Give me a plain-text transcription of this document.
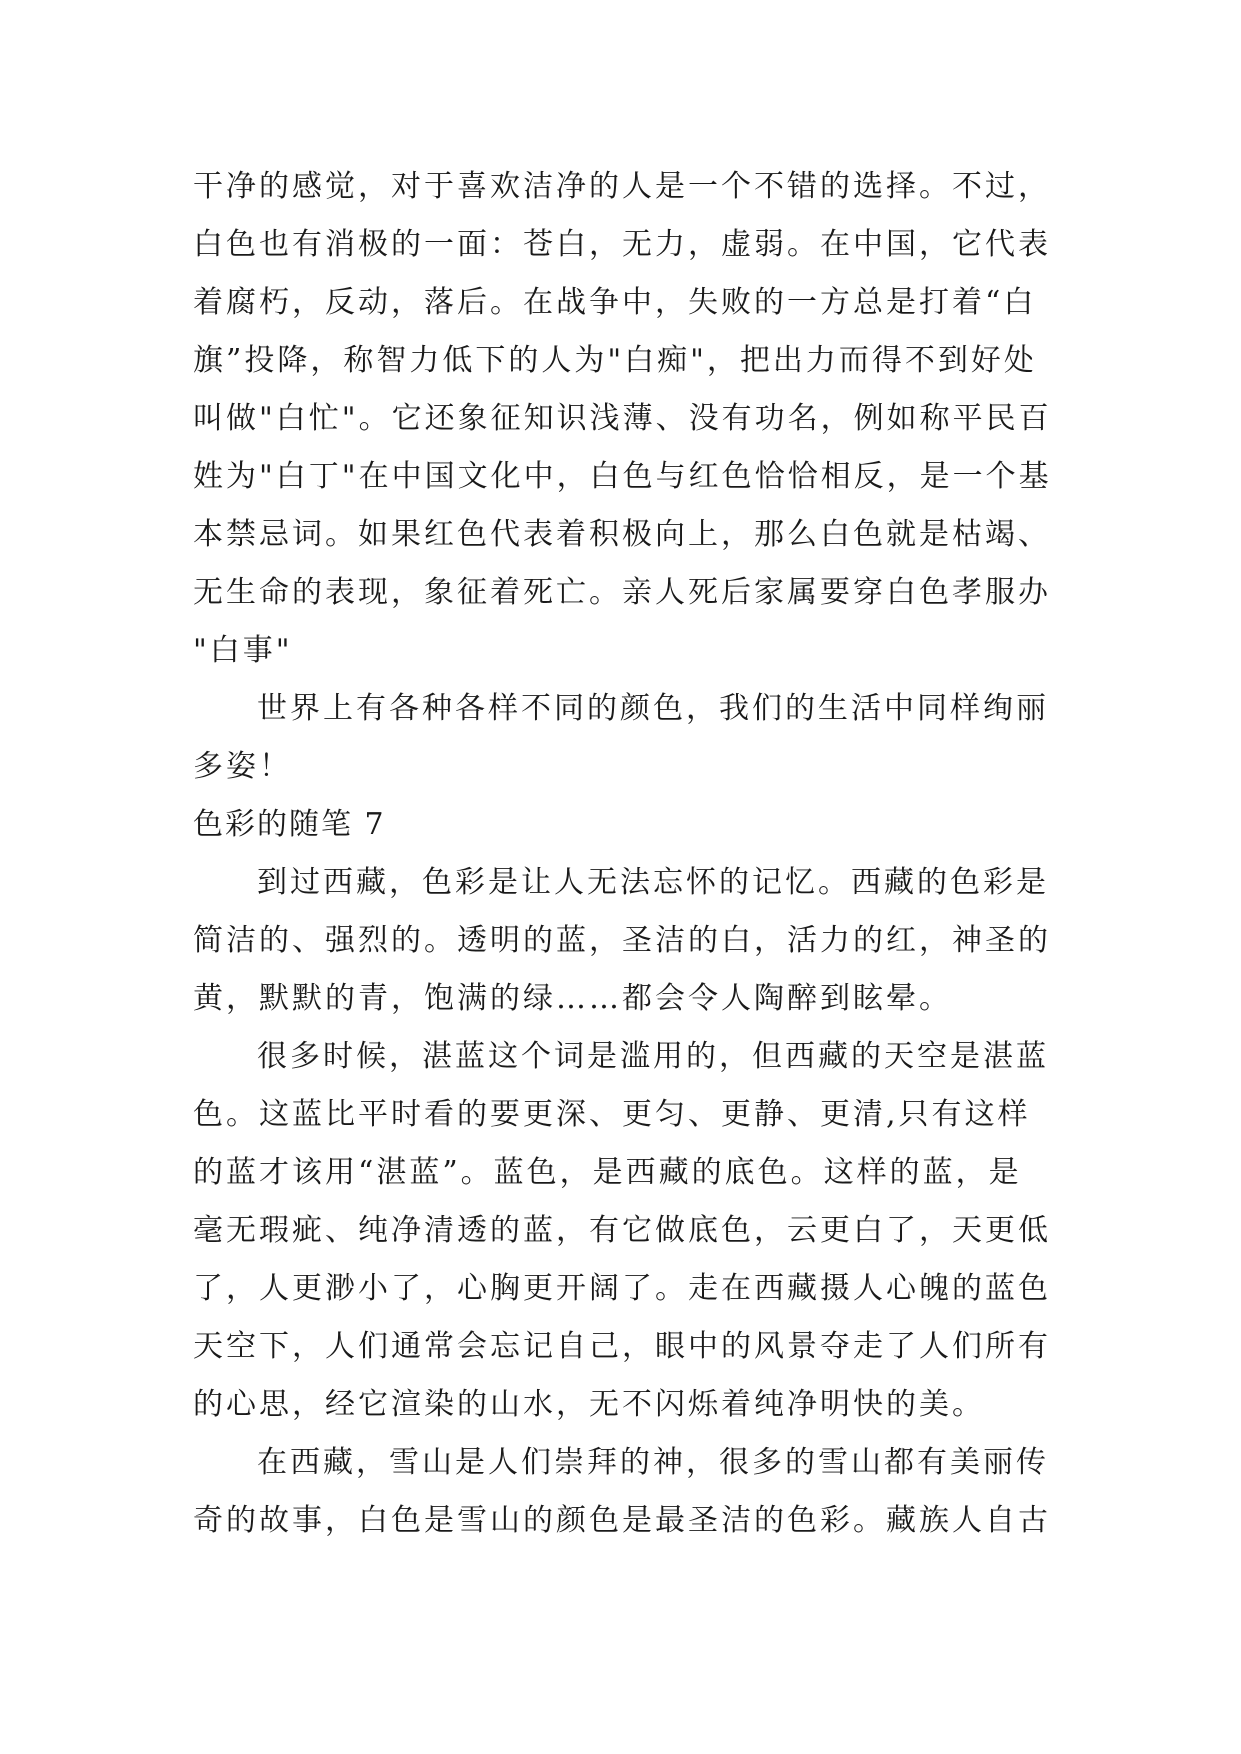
干净的感觉，对于喜欢洁净的人是一个不错的选择。不过，
白色也有消极的一面：苍白，无力，虚弱。在中国，它代表
着腐朽，反动，落后。在战争中，失败的一方总是打着“白
旗”投降，称智力低下的人为"白痴"，把出力而得不到好处
叫做"白忙"。它还象征知识浅薄、没有功名，例如称平民百
姓为"白丁"在中国文化中，白色与红色恰恰相反，是一个基
本禁忌词。如果红色代表着积极向上，那么白色就是枯竭、
无生命的表现，象征着死亡。亲人死后家属要穿白色孝服办
"白事"
世界上有各种各样不同的颜色，我们的生活中同样绚丽
多姿！
色彩的随笔 7
到过西藏，色彩是让人无法忘怀的记忆。西藏的色彩是
简洁的、强烈的。透明的蓝，圣洁的白，活力的红，神圣的
黄，默默的青，饱满的绿……都会令人陶醉到眩晕。
很多时候，湛蓝这个词是滥用的，但西藏的天空是湛蓝
色。这蓝比平时看的要更深、更匀、更静、更清,只有这样
的蓝才该用“湛蓝”。蓝色，是西藏的底色。这样的蓝，是
毫无瑕疵、纯净清透的蓝，有它做底色，云更白了，天更低
了，人更渺小了，心胸更开阔了。走在西藏摄人心魄的蓝色
天空下，人们通常会忘记自己，眼中的风景夺走了人们所有
的心思，经它渲染的山水，无不闪烁着纯净明快的美。
在西藏，雪山是人们崇拜的神，很多的雪山都有美丽传
奇的故事，白色是雪山的颜色是最圣洁的色彩。藏族人自古
